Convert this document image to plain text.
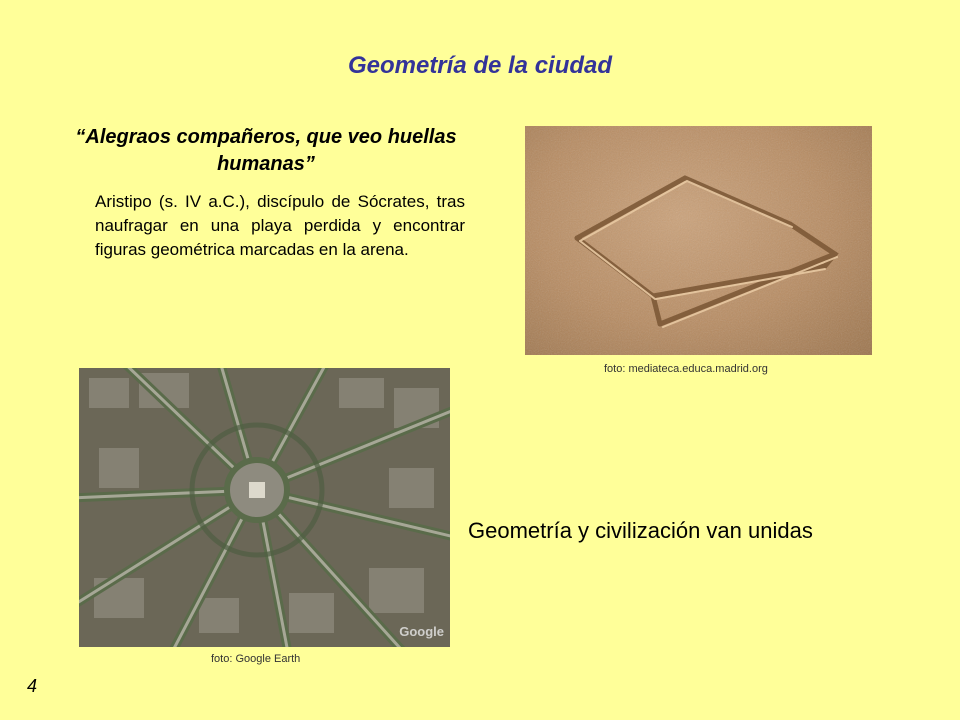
Geometría de la ciudad
“Alegraos compañeros, que veo huellas humanas”
Aristipo (s. IV a.C.), discípulo de Sócrates, tras naufragar en una playa perdida y encontrar figuras geométrica marcadas en la arena.
foto: mediateca.educa.madrid.org
Google
foto: Google Earth
Geometría y civilización van unidas
4
